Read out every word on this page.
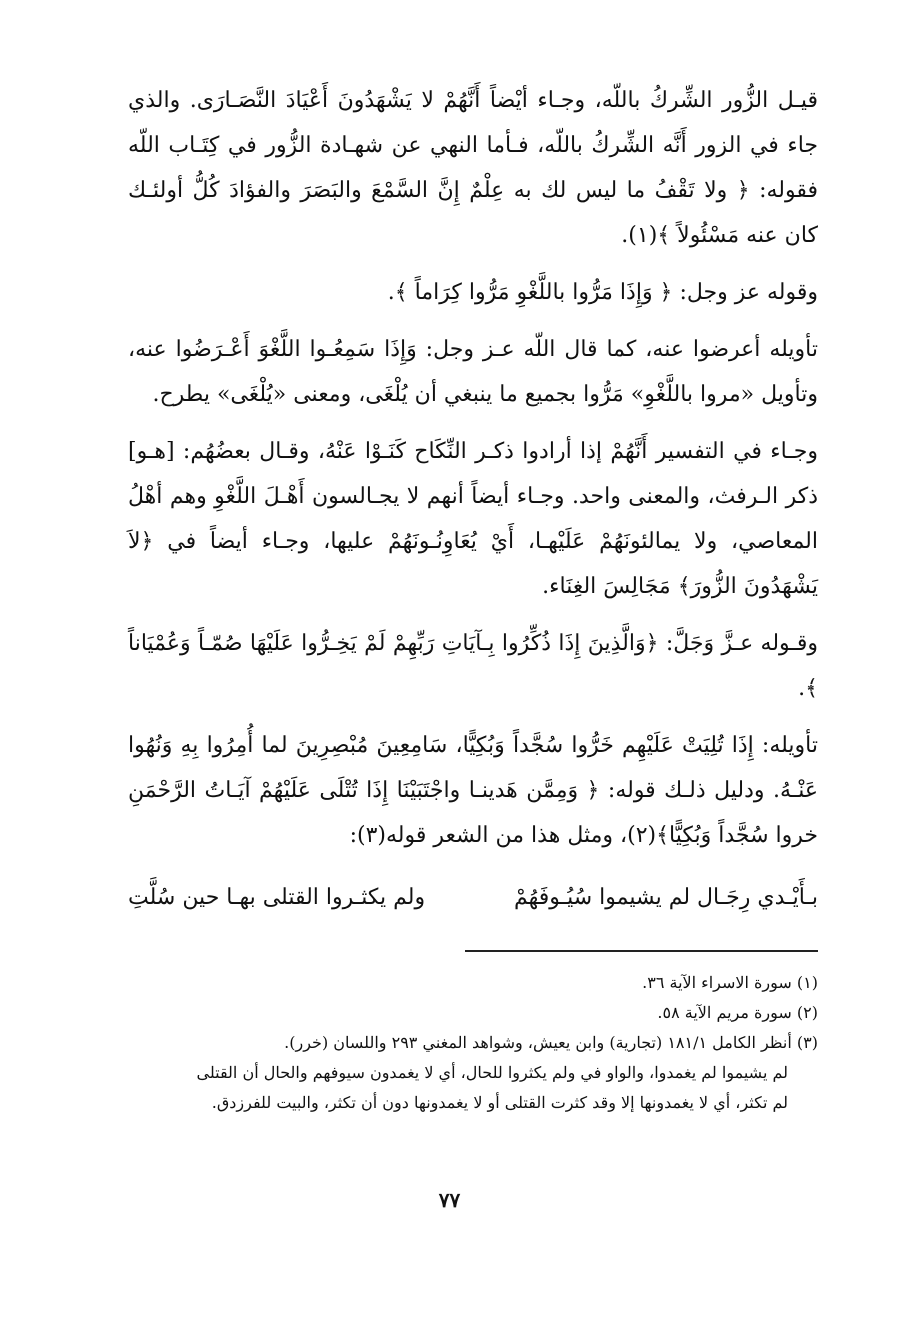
قيـل الزُّور الشِّركُ باللّه، وجـاء أيْضاً أَنَّهُمْ لا يَشْهَدُونَ أَعْيَادَ النَّصَـارَى. والذي جاء في الزور أَنَّه الشِّركُ باللّه، فـأما النهي عن شهـادة الزُّور في كِتَـاب اللّه فقوله: ﴿ ولا تَقْفُ ما ليس لك به عِلْمٌ إِنَّ السَّمْعَ والبَصَرَ والفؤادَ كُلُّ أولئـك كان عنه مَسْئُولاً ﴾(١).

وقوله عز وجل: ﴿ وَإِذَا مَرُّوا باللَّغْوِ مَرُّوا كِرَاماً ﴾.

تأويله أعرضوا عنه، كما قال اللّه عـز وجل: وَإِذَا سَمِعُـوا اللَّغْوَ أَعْـرَضُوا عنه، وتأويل «مروا باللَّغْوِ» مَرُّوا بجميع ما ينبغي أن يُلْغَى، ومعنى «يُلْغَى» يطرح.

وجـاء في التفسير أَنَّهُمْ إذا أرادوا ذكـر النِّكَاح كَنَـوْا عَنْهُ، وقـال بعضُهُم: [هـو] ذكر الـرفث، والمعنى واحد. وجـاء أيضاً أنهم لا يجـالسون أَهْـلَ اللَّغْوِ وهم أهْلُ المعاصي، ولا يمالئونَهُمْ عَلَيْهـا، أَيْ يُعَاوِنُـونَهُمْ عليها، وجـاء أيضاً في ﴿لاَ يَشْهَدُونَ الزُّورَ﴾ مَجَالِسَ الغِنَاء.

وقـوله عـزَّ وَجَلَّ: ﴿وَالَّذِينَ إِذَا ذُكِّرُوا بِـآيَاتِ رَبِّهِمْ لَمْ يَخِـرُّوا عَلَيْهَا صُمّـاً وَعُمْيَاناً ﴾.

تأويله: إِذَا تُلِيَتْ عَلَيْهِم خَرُّوا سُجَّداً وَبُكِيًّا، سَامِعِينَ مُبْصِرِينَ لما أُمِرُوا بِهِ وَنُهُوا عَنْـهُ. ودليل ذلـك قوله: ﴿ وَمِمَّن هَدينـا واجْتَبَيْنَا إِذَا تُتْلَى عَلَيْهُمْ آيَـاتُ الرَّحْمَنِ خروا سُجَّداً وَبُكِيًّا﴾(٢)، ومثل هذا من الشعر قوله(٣):

بـأَيْـدي رِجَـال لم يشيموا سُيُـوفَهُمْ
ولم يكثـروا القتلى بهـا حين سُلَّتِ

(١) سورة الاسراء الآية ٣٦.

(٢) سورة مريم الآية ٥٨.

(٣) أنظر الكامل ١٨١/١ (تجارية) وابن يعيش، وشواهد المغني ٢٩٣ واللسان (خرر).

لم يشيموا لم يغمدوا، والواو في ولم يكثروا للحال، أي لا يغمدون سيوفهم والحال أن القتلى

لم تكثر، أي لا يغمدونها إلا وقد كثرت القتلى أو لا يغمدونها دون أن تكثر، والبيت للفرزدق.

٧٧
